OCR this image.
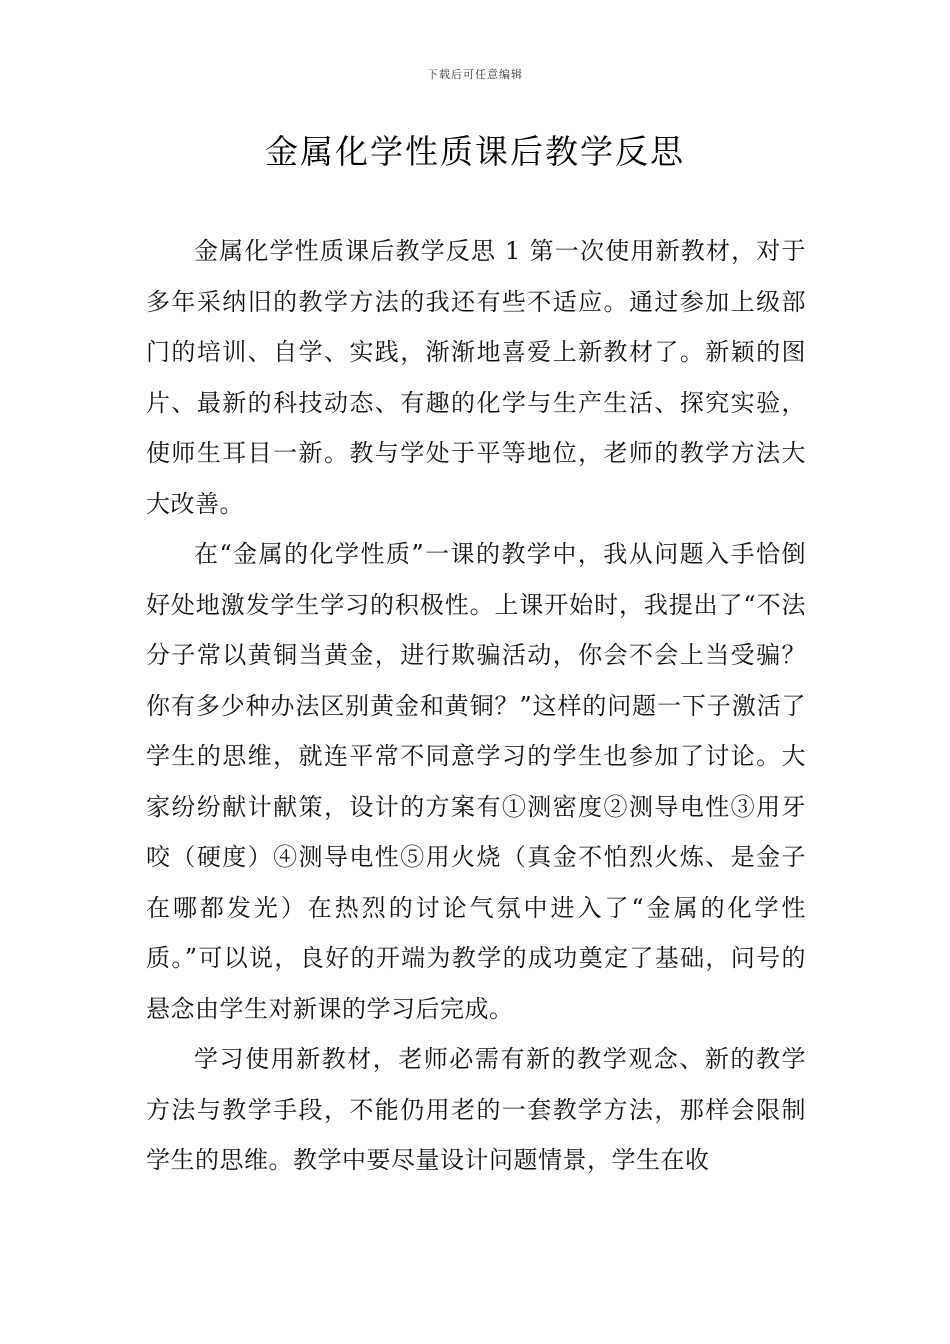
下载后可任意编辑
金属化学性质课后教学反思

金属化学性质课后教学反思 1 第一次使用新教材，对于多年采纳旧的教学方法的我还有些不适应。通过参加上级部门的培训、自学、实践，渐渐地喜爱上新教材了。新颖的图片、最新的科技动态、有趣的化学与生产生活、探究实验，使师生耳目一新。教与学处于平等地位，老师的教学方法大大改善。

在“金属的化学性质”一课的教学中，我从问题入手恰倒好处地激发学生学习的积极性。上课开始时，我提出了“不法分子常以黄铜当黄金，进行欺骗活动，你会不会上当受骗？你有多少种办法区别黄金和黄铜？”这样的问题一下子激活了学生的思维，就连平常不同意学习的学生也参加了讨论。大家纷纷献计献策，设计的方案有①测密度②测导电性③用牙咬（硬度）④测导电性⑤用火烧（真金不怕烈火炼、是金子在哪都发光）在热烈的讨论气氛中进入了“金属的化学性质。”可以说，良好的开端为教学的成功奠定了基础，问号的悬念由学生对新课的学习后完成。

学习使用新教材，老师必需有新的教学观念、新的教学方法与教学手段，不能仍用老的一套教学方法，那样会限制学生的思维。教学中要尽量设计问题情景，学生在收
